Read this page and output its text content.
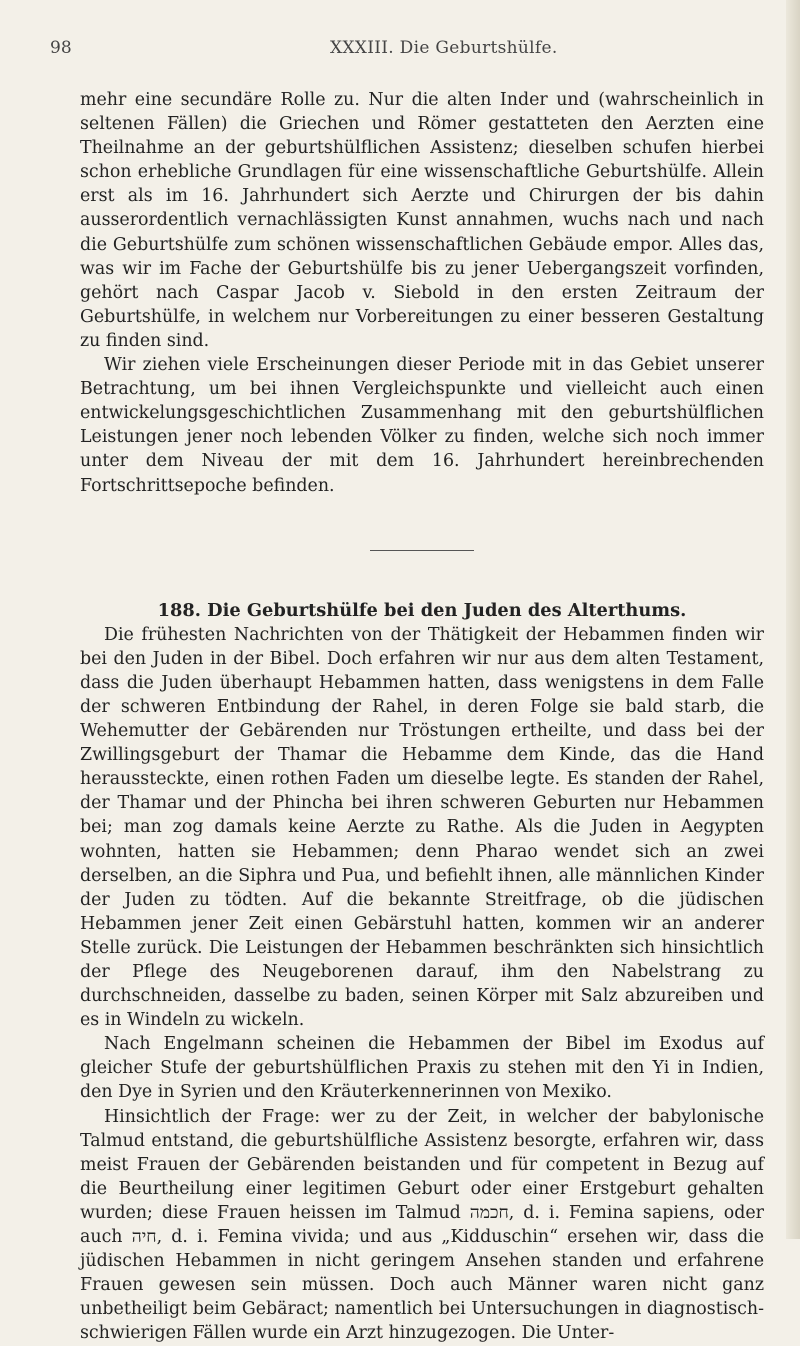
98	XXXIII. Die Geburtshülfe.

mehr eine secundäre Rolle zu. Nur die alten Inder und (wahrscheinlich in seltenen Fällen) die Griechen und Römer gestatteten den Aerzten eine Theilnahme an der geburtshülflichen Assistenz; dieselben schufen hierbei schon erhebliche Grundlagen für eine wissenschaftliche Geburtshülfe. Allein erst als im 16. Jahrhundert sich Aerzte und Chirurgen der bis dahin ausserordentlich vernachlässigten Kunst annahmen, wuchs nach und nach die Geburtshülfe zum schönen wissenschaftlichen Gebäude empor. Alles das, was wir im Fache der Geburtshülfe bis zu jener Uebergangszeit vorfinden, gehört nach Caspar Jacob v. Siebold in den ersten Zeitraum der Geburtshülfe, in welchem nur Vorbereitungen zu einer besseren Gestaltung zu finden sind.

Wir ziehen viele Erscheinungen dieser Periode mit in das Gebiet unserer Betrachtung, um bei ihnen Vergleichspunkte und vielleicht auch einen entwickelungsgeschichtlichen Zusammenhang mit den geburtshülflichen Leistungen jener noch lebenden Völker zu finden, welche sich noch immer unter dem Niveau der mit dem 16. Jahrhundert hereinbrechenden Fortschrittsepoche befinden.

188. Die Geburtshülfe bei den Juden des Alterthums.

Die frühesten Nachrichten von der Thätigkeit der Hebammen finden wir bei den Juden in der Bibel. Doch erfahren wir nur aus dem alten Testament, dass die Juden überhaupt Hebammen hatten, dass wenigstens in dem Falle der schweren Entbindung der Rahel, in deren Folge sie bald starb, die Wehemutter der Gebärenden nur Tröstungen ertheilte, und dass bei der Zwillingsgeburt der Thamar die Hebamme dem Kinde, das die Hand heraussteckte, einen rothen Faden um dieselbe legte. Es standen der Rahel, der Thamar und der Phincha bei ihren schweren Geburten nur Hebammen bei; man zog damals keine Aerzte zu Rathe. Als die Juden in Aegypten wohnten, hatten sie Hebammen; denn Pharao wendet sich an zwei derselben, an die Siphra und Pua, und befiehlt ihnen, alle männlichen Kinder der Juden zu tödten. Auf die bekannte Streitfrage, ob die jüdischen Hebammen jener Zeit einen Gebärstuhl hatten, kommen wir an anderer Stelle zurück. Die Leistungen der Hebammen beschränkten sich hinsichtlich der Pflege des Neugeborenen darauf, ihm den Nabelstrang zu durchschneiden, dasselbe zu baden, seinen Körper mit Salz abzureiben und es in Windeln zu wickeln.

Nach Engelmann scheinen die Hebammen der Bibel im Exodus auf gleicher Stufe der geburtshülflichen Praxis zu stehen mit den Yi in Indien, den Dye in Syrien und den Kräuterkennerinnen von Mexiko.

Hinsichtlich der Frage: wer zu der Zeit, in welcher der babylonische Talmud entstand, die geburtshülfliche Assistenz besorgte, erfahren wir, dass meist Frauen der Gebärenden beistanden und für competent in Bezug auf die Beurtheilung einer legitimen Geburt oder einer Erstgeburt gehalten wurden; diese Frauen heissen im Talmud חכמה, d. i. Femina sapiens, oder auch חיה, d. i. Femina vivida; und aus „Kidduschin“ ersehen wir, dass die jüdischen Hebammen in nicht geringem Ansehen standen und erfahrene Frauen gewesen sein müssen. Doch auch Männer waren nicht ganz unbetheiligt beim Gebäract; namentlich bei Untersuchungen in diagnostisch-schwierigen Fällen wurde ein Arzt hinzugezogen. Die Unter-
